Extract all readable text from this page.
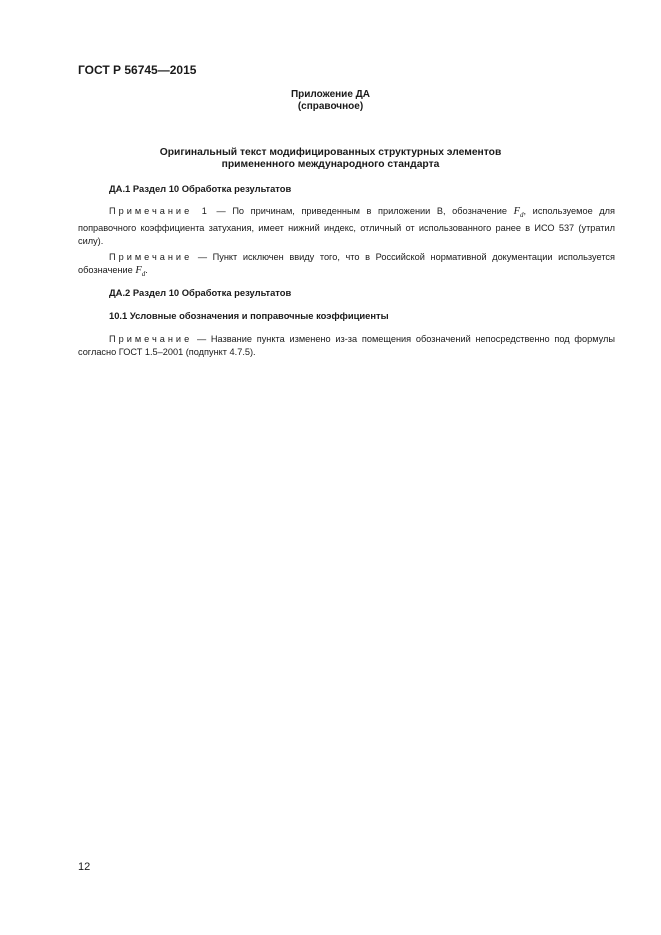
ГОСТ Р 56745—2015
Приложение ДА
(справочное)
Оригинальный текст модифицированных структурных элементов
примененного международного стандарта
ДА.1 Раздел 10 Обработка результатов
Примечание 1 — По причинам, приведенным в приложении В, обозначение $F_d$, используемое для поправочного коэффициента затухания, имеет нижний индекс, отличный от использованного ранее в ИСО 537 (утратил силу).
Примечание — Пункт исключен ввиду того, что в Российской нормативной документации используется обозначение $F_d$.
ДА.2 Раздел 10 Обработка результатов
10.1 Условные обозначения и поправочные коэффициенты
Примечание — Название пункта изменено из-за помещения обозначений непосредственно под формулы согласно ГОСТ 1.5–2001 (подпункт 4.7.5).
12
